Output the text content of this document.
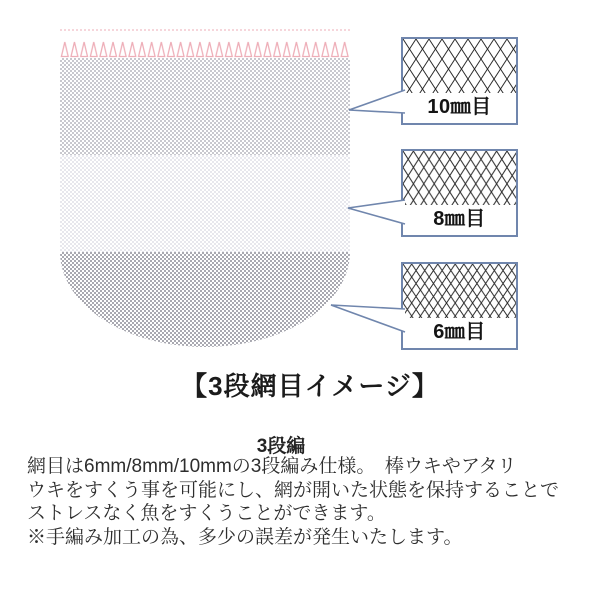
10㎜目
8㎜目
6㎜目
【3段網目イメージ】
3段編
網目は6mm/8mm/10mmの3段編み仕様。　棒ウキやアタリ
ウキをすくう事を可能にし、網が開いた状態を保持することで
ストレスなく魚をすくうことができます。
※手編み加工の為、多少の誤差が発生いたします。
